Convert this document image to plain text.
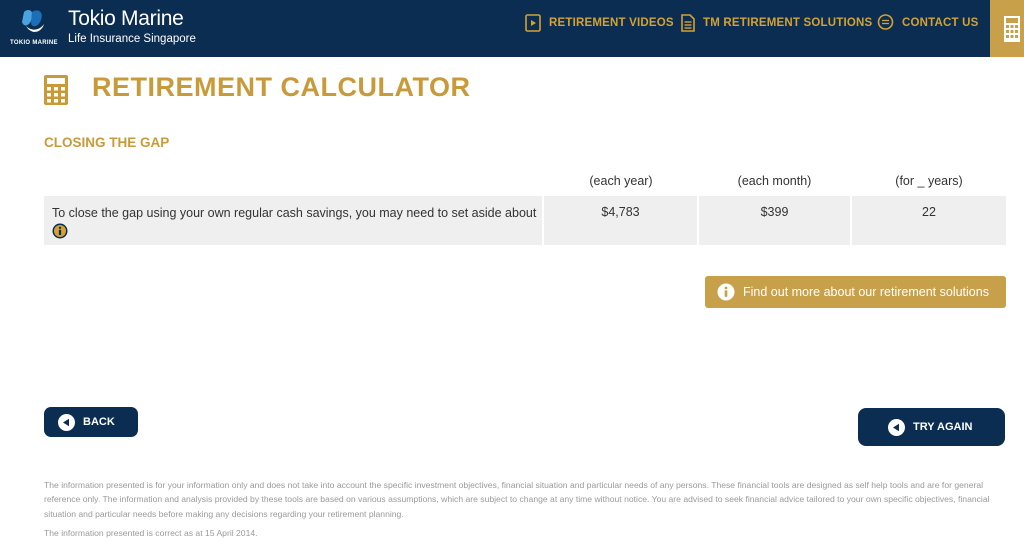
TOKIO MARINE
Tokio Marine
Life Insurance Singapore
RETIREMENT VIDEOS	TM RETIREMENT SOLUTIONS	CONTACT US
RETIREMENT CALCULATOR
CLOSING THE GAP
(each year)	(each month)	(for _ years)
To close the gap using your own regular cash savings, you may need to set aside about	$4,783	$399	22
Find out more about our retirement solutions
BACK	TRY AGAIN

The information presented is for your information only and does not take into account the specific investment objectives, financial situation and particular needs of any persons. These financial tools are designed as self help tools and are for general reference only. The information and analysis provided by these tools are based on various assumptions, which are subject to change at any time without notice. You are advised to seek financial advice tailored to your own specific objectives, financial situation and particular needs before making any decisions regarding your retirement planning.

The information presented is correct as at 15 April 2014.
